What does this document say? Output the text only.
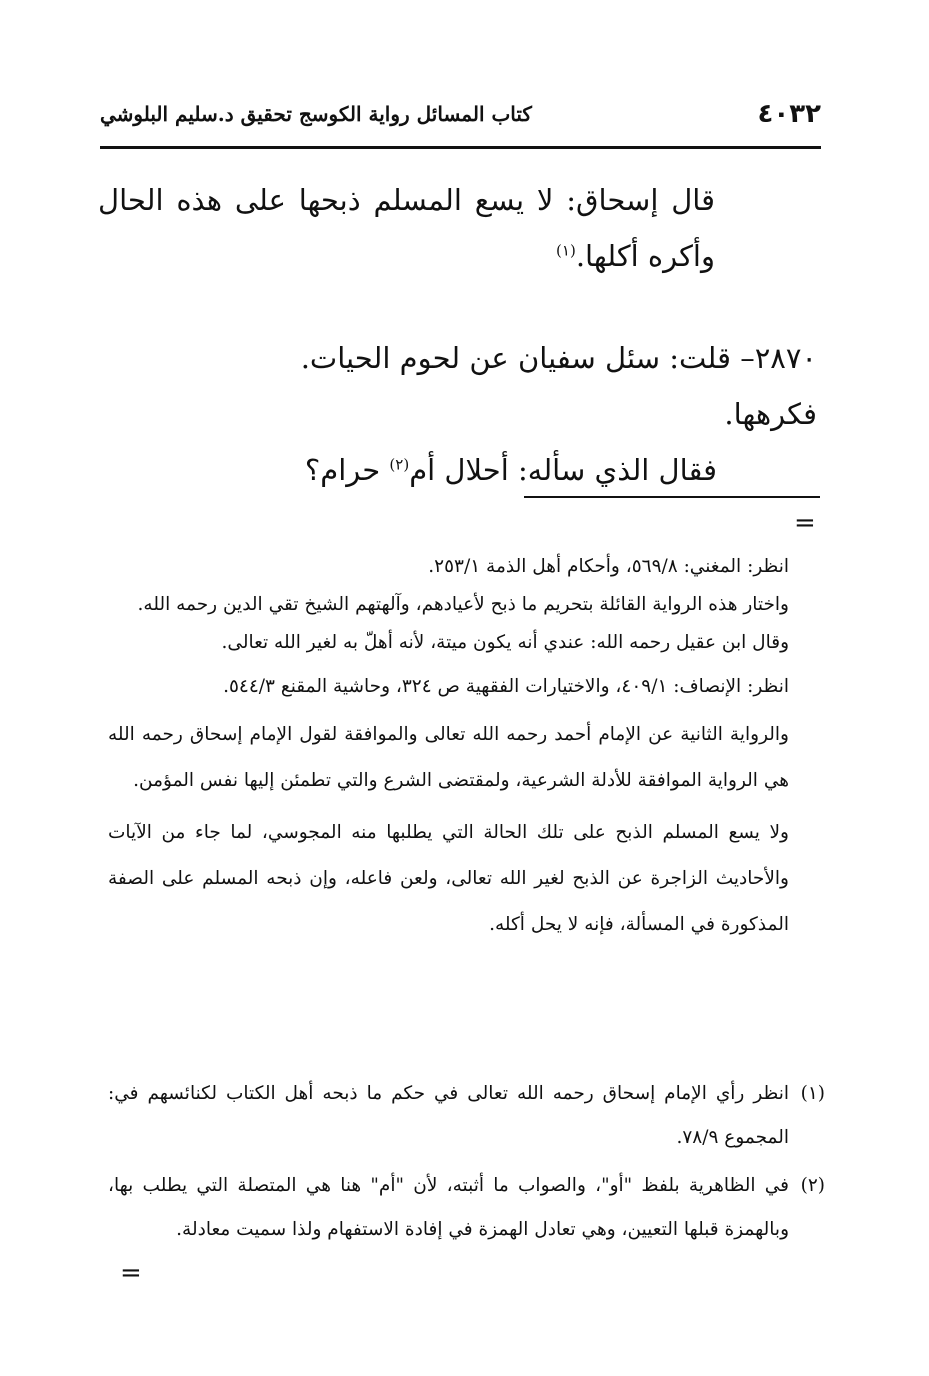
٤٠٣٢
كتاب المسائل رواية الكوسج تحقيق د.سليم البلوشي

قال إسحاق: لا يسع المسلم ذبحها على هذه الحال وأكره أكلها.$^{(١)}$

٢٨٧٠– قلت: سئل سفيان عن لحوم الحيات. فكرهها.

فقال الذي سأله: أحلال أم$^{(٢)}$ حرام؟

=

انظر: المغني: ٥٦٩/٨، وأحكام أهل الذمة ٢٥٣/١.

واختار هذه الرواية القائلة بتحريم ما ذبح لأعيادهم، وآلهتهم الشيخ تقي الدين رحمه الله.

وقال ابن عقيل رحمه الله: عندي أنه يكون ميتة، لأنه أهلّ به لغير الله تعالى.

انظر: الإنصاف: ٤٠٩/١، والاختيارات الفقهية ص ٣٢٤، وحاشية المقنع ٥٤٤/٣.

والرواية الثانية عن الإمام أحمد رحمه الله تعالى والموافقة لقول الإمام إسحاق رحمه الله هي الرواية الموافقة للأدلة الشرعية، ولمقتضى الشرع والتي تطمئن إليها نفس المؤمن.

ولا يسع المسلم الذبح على تلك الحالة التي يطلبها منه المجوسي، لما جاء من الآيات والأحاديث الزاجرة عن الذبح لغير الله تعالى، ولعن فاعله، وإن ذبحه المسلم على الصفة المذكورة في المسألة، فإنه لا يحل أكله.

(١)
انظر رأي الإمام إسحاق رحمه الله تعالى في حكم ما ذبحه أهل الكتاب لكنائسهم في: المجموع ٧٨/٩.
(٢)
في الظاهرية بلفظ "أو"، والصواب ما أثبته، لأن "أم" هنا هي المتصلة التي يطلب بها، وبالهمزة قبلها التعيين، وهي تعادل الهمزة في إفادة الاستفهام ولذا سميت معادلة.
=
